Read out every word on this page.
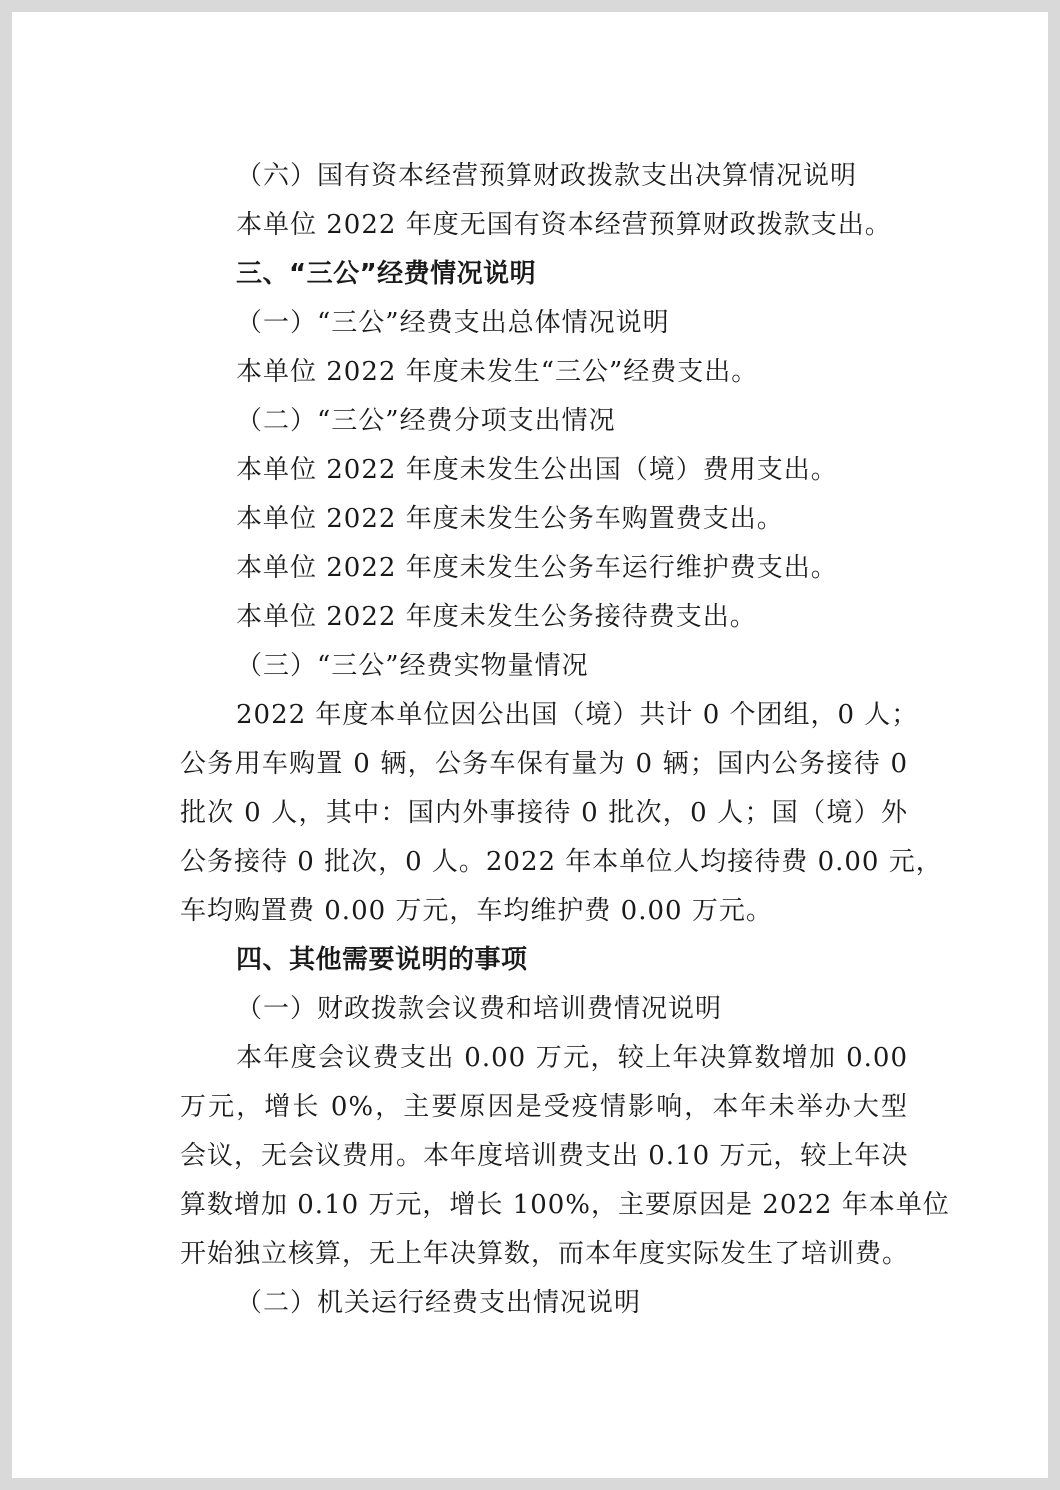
（六）国有资本经营预算财政拨款支出决算情况说明
本单位 2022 年度无国有资本经营预算财政拨款支出。
三、“三公”经费情况说明
（一）“三公”经费支出总体情况说明
本单位 2022 年度未发生“三公”经费支出。
（二）“三公”经费分项支出情况
本单位 2022 年度未发生公出国（境）费用支出。
本单位 2022 年度未发生公务车购置费支出。
本单位 2022 年度未发生公务车运行维护费支出。
本单位 2022 年度未发生公务接待费支出。
（三）“三公”经费实物量情况
2022 年度本单位因公出国（境）共计 0 个团组，0 人；
公务用车购置 0 辆，公务车保有量为 0 辆；国内公务接待 0
批次 0 人，其中：国内外事接待 0 批次，0 人；国（境）外
公务接待 0 批次，0 人。2022 年本单位人均接待费 0.00 元，
车均购置费 0.00 万元，车均维护费 0.00 万元。
四、其他需要说明的事项
（一）财政拨款会议费和培训费情况说明
本年度会议费支出 0.00 万元，较上年决算数增加 0.00
万元，增长 0%，主要原因是受疫情影响，本年未举办大型
会议，无会议费用。本年度培训费支出 0.10 万元，较上年决
算数增加 0.10 万元，增长 100%，主要原因是 2022 年本单位
开始独立核算，无上年决算数，而本年度实际发生了培训费。
（二）机关运行经费支出情况说明
